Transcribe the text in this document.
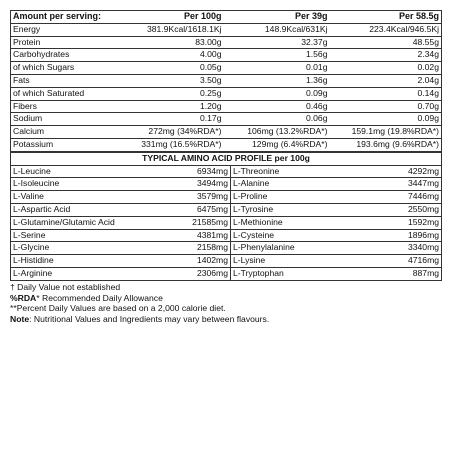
Amount per serving:	Per 100g	Per 39g	Per 58.5g
Energy	381.9Kcal/1618.1Kj	148.9Kcal/631Kj	223.4Kcal/946.5Kj
Protein	83.00g	32.37g	48.55g
Carbohydrates	4.00g	1.56g	2.34g
of which Sugars	0.05g	0.01g	0.02g
Fats	3.50g	1.36g	2.04g
of which Saturated	0.25g	0.09g	0.14g
Fibers	1.20g	0.46g	0.70g
Sodium	0.17g	0.06g	0.09g
Calcium	272mg (34%RDA*)	106mg (13.2%RDA*)	159.1mg (19.8%RDA*)
Potassium	331mg (16.5%RDA*)	129mg (6.4%RDA*)	193.6mg (9.6%RDA*)
TYPICAL AMINO ACID PROFILE per 100g			
L-Leucine	6934mg	L-Threonine	4292mg
L-Isoleucine	3494mg	L-Alanine	3447mg
L-Valine	3579mg	L-Proline	7446mg
L-Aspartic Acid	6475mg	L-Tyrosine	2550mg
L-Glutamine/Glutamic Acid	21585mg	L-Methionine	1592mg
L-Serine	4381mg	L-Cysteine	1896mg
L-Glycine	2158mg	L-Phenylalanine	3340mg
L-Histidine	1402mg	L-Lysine	4716mg
L-Arginine	2306mg	L-Tryptophan	887mg
† Daily Value not established
%RDA* Recommended Daily Allowance
**Percent Daily Values are based on a 2,000 calorie diet.
Note: Nutritional Values and Ingredients may vary between flavours.
